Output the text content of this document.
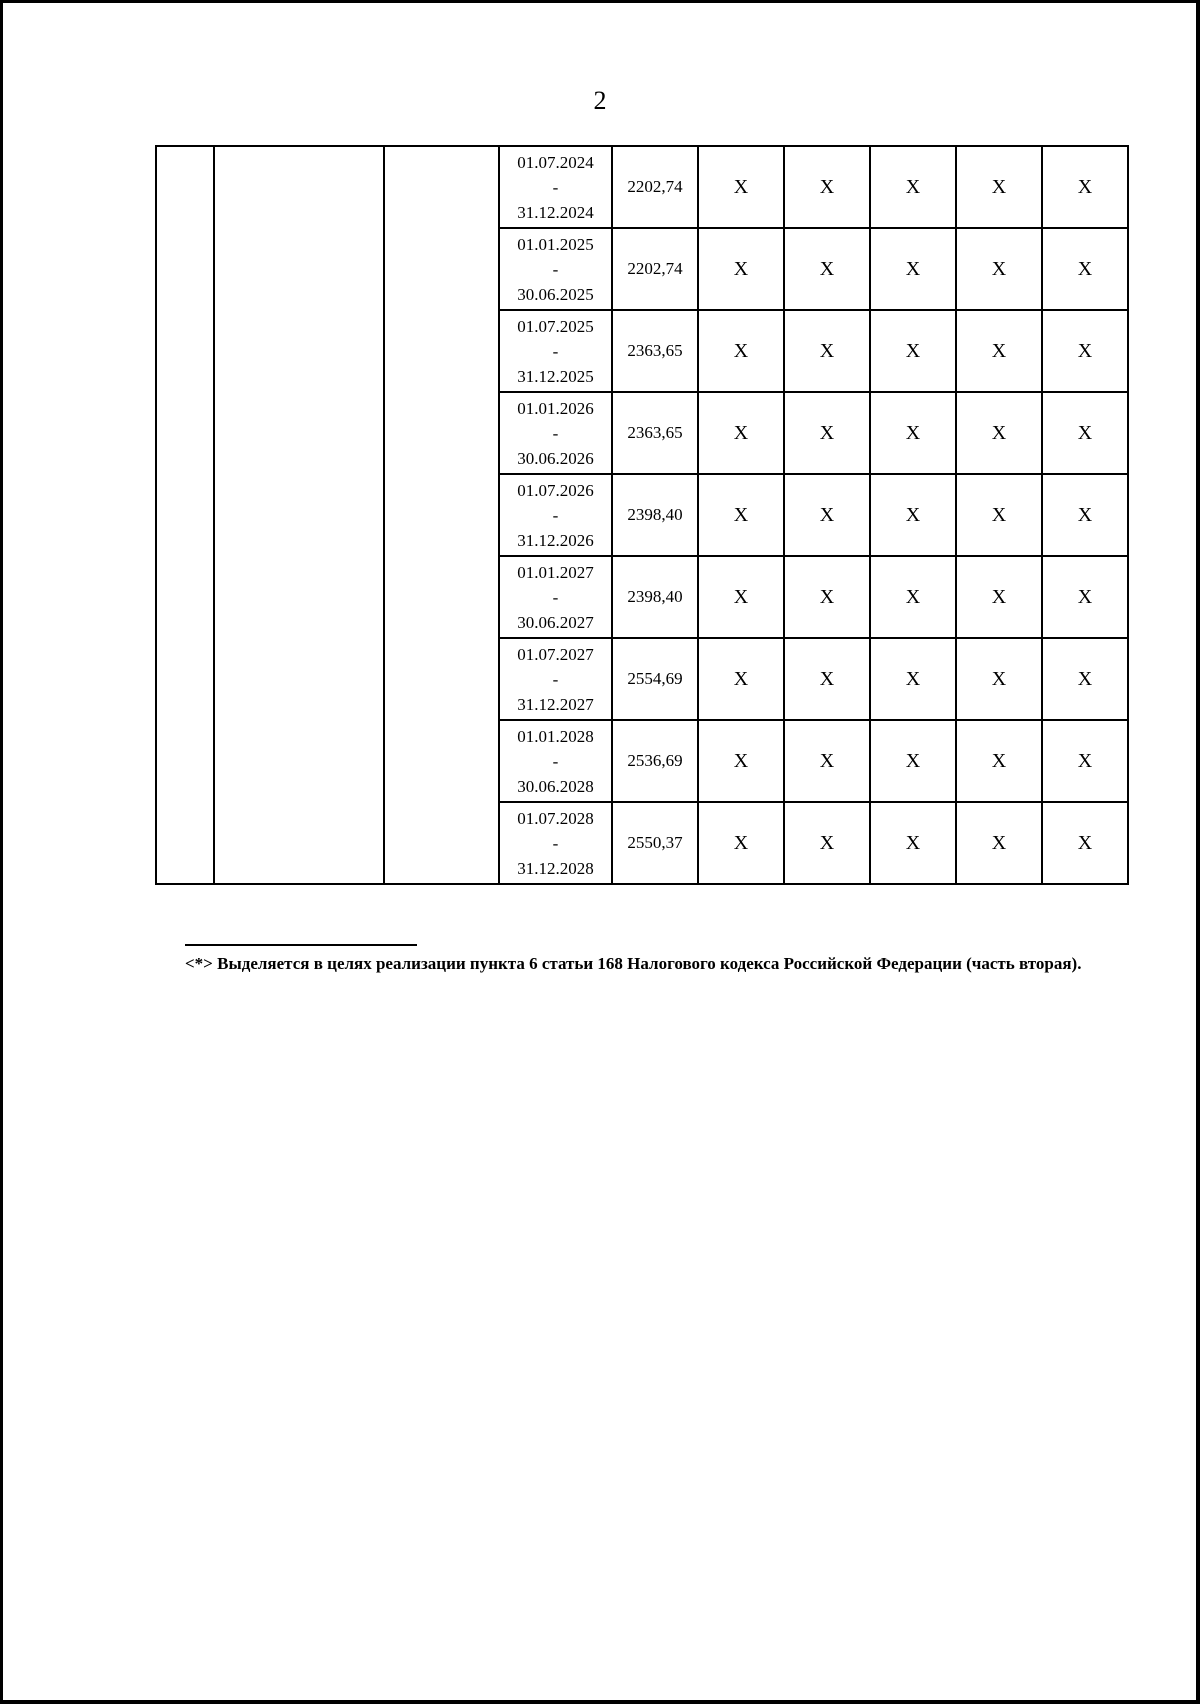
2

			01.07.2024
-
31.12.2024	2202,74	X	X	X	X	X

			01.01.2025
-
30.06.2025	2202,74	X	X	X	X	X

			01.07.2025
-
31.12.2025	2363,65	X	X	X	X	X

			01.01.2026
-
30.06.2026	2363,65	X	X	X	X	X

			01.07.2026
-
31.12.2026	2398,40	X	X	X	X	X

			01.01.2027
-
30.06.2027	2398,40	X	X	X	X	X

			01.07.2027
-
31.12.2027	2554,69	X	X	X	X	X

			01.01.2028
-
30.06.2028	2536,69	X	X	X	X	X

			01.07.2028
-
31.12.2028	2550,37	X	X	X	X	X
<*> Выделяется в целях реализации пункта 6 статьи 168 Налогового кодекса Российской Федерации (часть вторая).
